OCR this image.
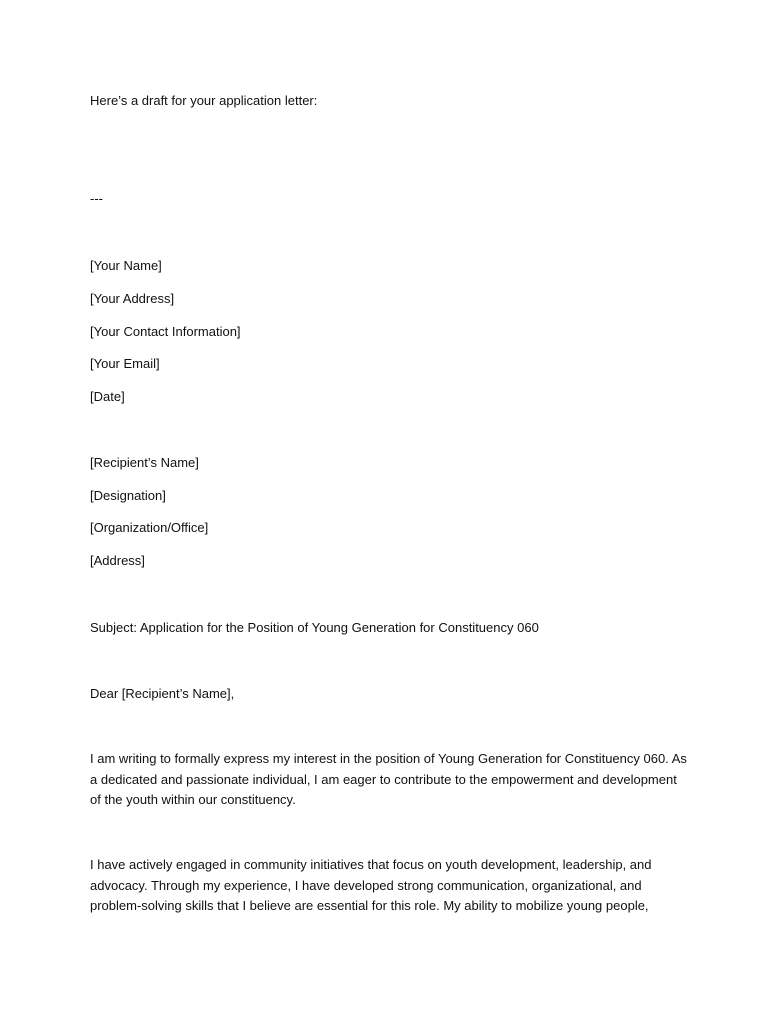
Here’s a draft for your application letter:
---
[Your Name]
[Your Address]
[Your Contact Information]
[Your Email]
[Date]
[Recipient’s Name]
[Designation]
[Organization/Office]
[Address]
Subject: Application for the Position of Young Generation for Constituency 060
Dear [Recipient’s Name],
I am writing to formally express my interest in the position of Young Generation for Constituency 060. As a dedicated and passionate individual, I am eager to contribute to the empowerment and development of the youth within our constituency.
I have actively engaged in community initiatives that focus on youth development, leadership, and advocacy. Through my experience, I have developed strong communication, organizational, and problem-solving skills that I believe are essential for this role. My ability to mobilize young people,
